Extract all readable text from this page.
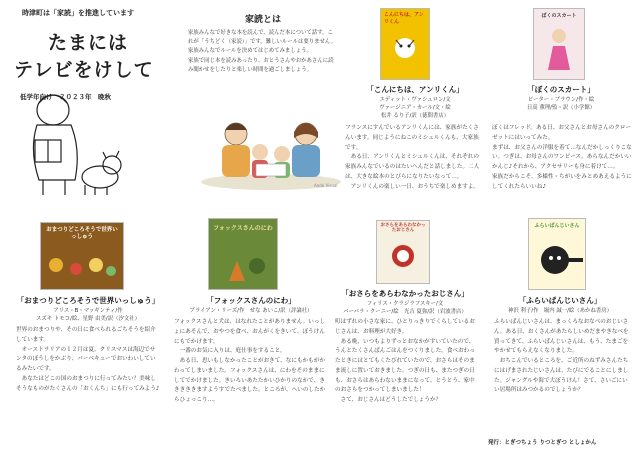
時津町は「家読」を推進しています
たまには
テレビをけして
低学年向け　２０２３年　晩秋
家読とは
家族みんなで好きな本を読んで、読んだ本について話す。これが「うちどく（家読）」です。難しいルールは要りません。
家族みんなでルールを決めてはじめてみましょう。
家族で同じ本を読みあったり、おとうさんやおかあさんに読み聞かせをしたりと楽しい時間を過ごしましょう。
Ando Visual
こんにちは、アンリくん
「こんにちは、アンリくん」
エディット・ヴァシュロン/文
ヴァージニア・カール/文・絵
松井 るり子/訳（徳間書店）
フランスにすんでいるアンリくんには、家族がたくさんいます。同じようにねこのミシェルくんも、大家族です。
　ある日、アンリくんとミシェルくんは、それぞれの家族みんなでいるのはたいへんだと話しました。二人は、大きな絵本のとびらになりたいなって…。
　アンリくんの楽しい一日、おうちで楽しめますよ。
ぼくのスカート
「ぼくのスカート」
ピーター・ブラウン/作・絵
日高 薫理/監・訳（小学館）
ぼくはフレッド。ある日、お父さんとお母さんのクローゼットにはいってみた。
まずは、お父さんの洋服を着て…なんだかしっくりこない。つぎは、お母さんのワンピース。あらなんだかいいかんじ♪それから、アクセサリーも身に着けて…。
家族だからこそ、多様性・ちがいをみとめあえるようにしてくれたらいいね♪
おまつりどころそうで世界いっしゅう
「おまつりどころそうで世界いっしゅう」
アリス・B・マッギンティ/作
スズキ トモコ/絵、星野 由美/訳（汐文社）
世界のおまつりや、その日に食べられるごちそうを紹介しています。
　オーストラリアの１２月は夏。クリスマスは海辺でサンタのぼうしをかぶり、バーベキューでおいわいしているみたいです。
　あなたはどこの国のおまつりに行ってみたい？美味しそうなものがたくさんの「おくんち」にも行ってみよう♪
フォックスさんのにわ
「フォックスさんのにわ」
ブライアン・リーズ/作　せな あいこ/訳（評論社）
フォックスさんと犬は、はなれたことがありません。いっしょにあそんで、おやつを食べ、おんがくをきいて、ぼうけんにもでかけます。
　一番のお気に入りは、庭仕事をすること。
　ある日、思いもしなかったことがおきて、なにもかもがかわってしまいました。フォックスさんは、にわをそのままにしてでかけました。きいろいあたたかいひかりのなかで、きききききますようすでたべました。ところが、へいのしたからひょっこり…。
おさらをあらわなかったおじさん
「おさらをあらわなかったおじさん」
フィリス・クラジラフスキー/文
バーバラ・クーニー/絵　光吉 夏弥/訳（岩波書店）
町はずれの小さな家に、ひとりっきりでくらしているおじさんは、お料理が大好き。
　ある晩、いつもよりずっとおなかがすいていたので、うんとたくさんばんごはんをつくりました。食べおわったときにはとてもくたびれていたので、おさらはそのまま流しに置いておきました。つぎの日も、またつぎの日も、おさらはあらわないままになって、とうとう、家中のおさらをつかってしまいました！
　さて、おじさんはどうしたでしょうか？
ふらいぱんじいさん
「ふらいぱんじいさん」
神沢 利子/作　堀内 誠一/絵（あかね書房）
ふらいぱんじいさんは、まっくろなおなべのおじいさん。ある日、おくさんがあたらしいめだまやきなべを買ってきて、ふらいぱんじいさんは、もう、たまごをやかせてもらえなくなりました。
　おちこんでいるところを、ご近所のねずみさんたちにはげまされたじいさんは、たびにでることにしました。ジャングルや海で大ぼうけん！さて、さいごにいい居場所はみつかるのでしょうか？
発行：とぎつちょう りつとぎつ としょかん
